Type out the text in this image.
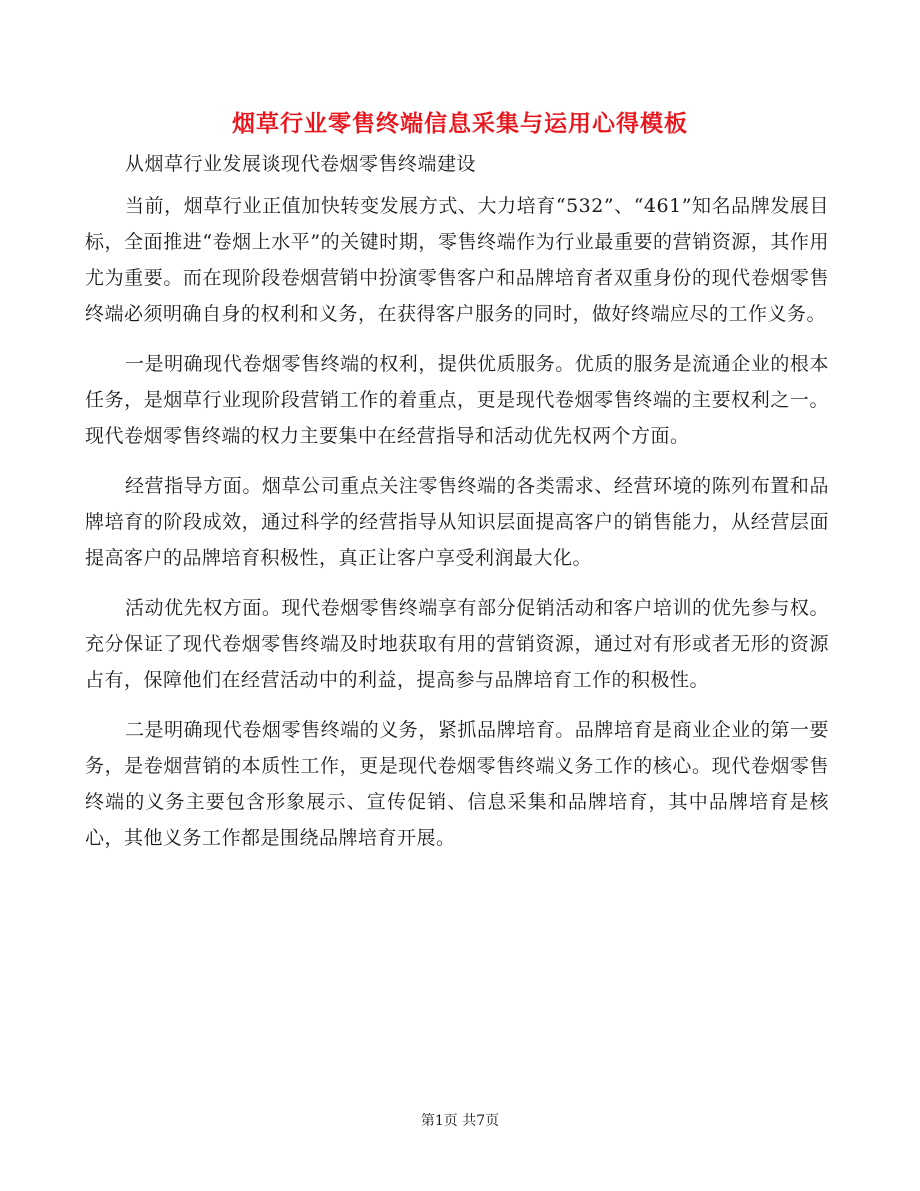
烟草行业零售终端信息采集与运用心得模板

从烟草行业发展谈现代卷烟零售终端建设

当前，烟草行业正值加快转变发展方式、大力培育“532”、“461”知名品牌发展目标，全面推进“卷烟上水平”的关键时期，零售终端作为行业最重要的营销资源，其作用尤为重要。而在现阶段卷烟营销中扮演零售客户和品牌培育者双重身份的现代卷烟零售终端必须明确自身的权利和义务，在获得客户服务的同时，做好终端应尽的工作义务。

一是明确现代卷烟零售终端的权利，提供优质服务。优质的服务是流通企业的根本任务，是烟草行业现阶段营销工作的着重点，更是现代卷烟零售终端的主要权利之一。现代卷烟零售终端的权力主要集中在经营指导和活动优先权两个方面。

经营指导方面。烟草公司重点关注零售终端的各类需求、经营环境的陈列布置和品牌培育的阶段成效，通过科学的经营指导从知识层面提高客户的销售能力，从经营层面提高客户的品牌培育积极性，真正让客户享受利润最大化。

活动优先权方面。现代卷烟零售终端享有部分促销活动和客户培训的优先参与权。充分保证了现代卷烟零售终端及时地获取有用的营销资源，通过对有形或者无形的资源占有，保障他们在经营活动中的利益，提高参与品牌培育工作的积极性。

二是明确现代卷烟零售终端的义务，紧抓品牌培育。品牌培育是商业企业的第一要务，是卷烟营销的本质性工作，更是现代卷烟零售终端义务工作的核心。现代卷烟零售终端的义务主要包含形象展示、宣传促销、信息采集和品牌培育，其中品牌培育是核心，其他义务工作都是围绕品牌培育开展。

第1页 共7页
